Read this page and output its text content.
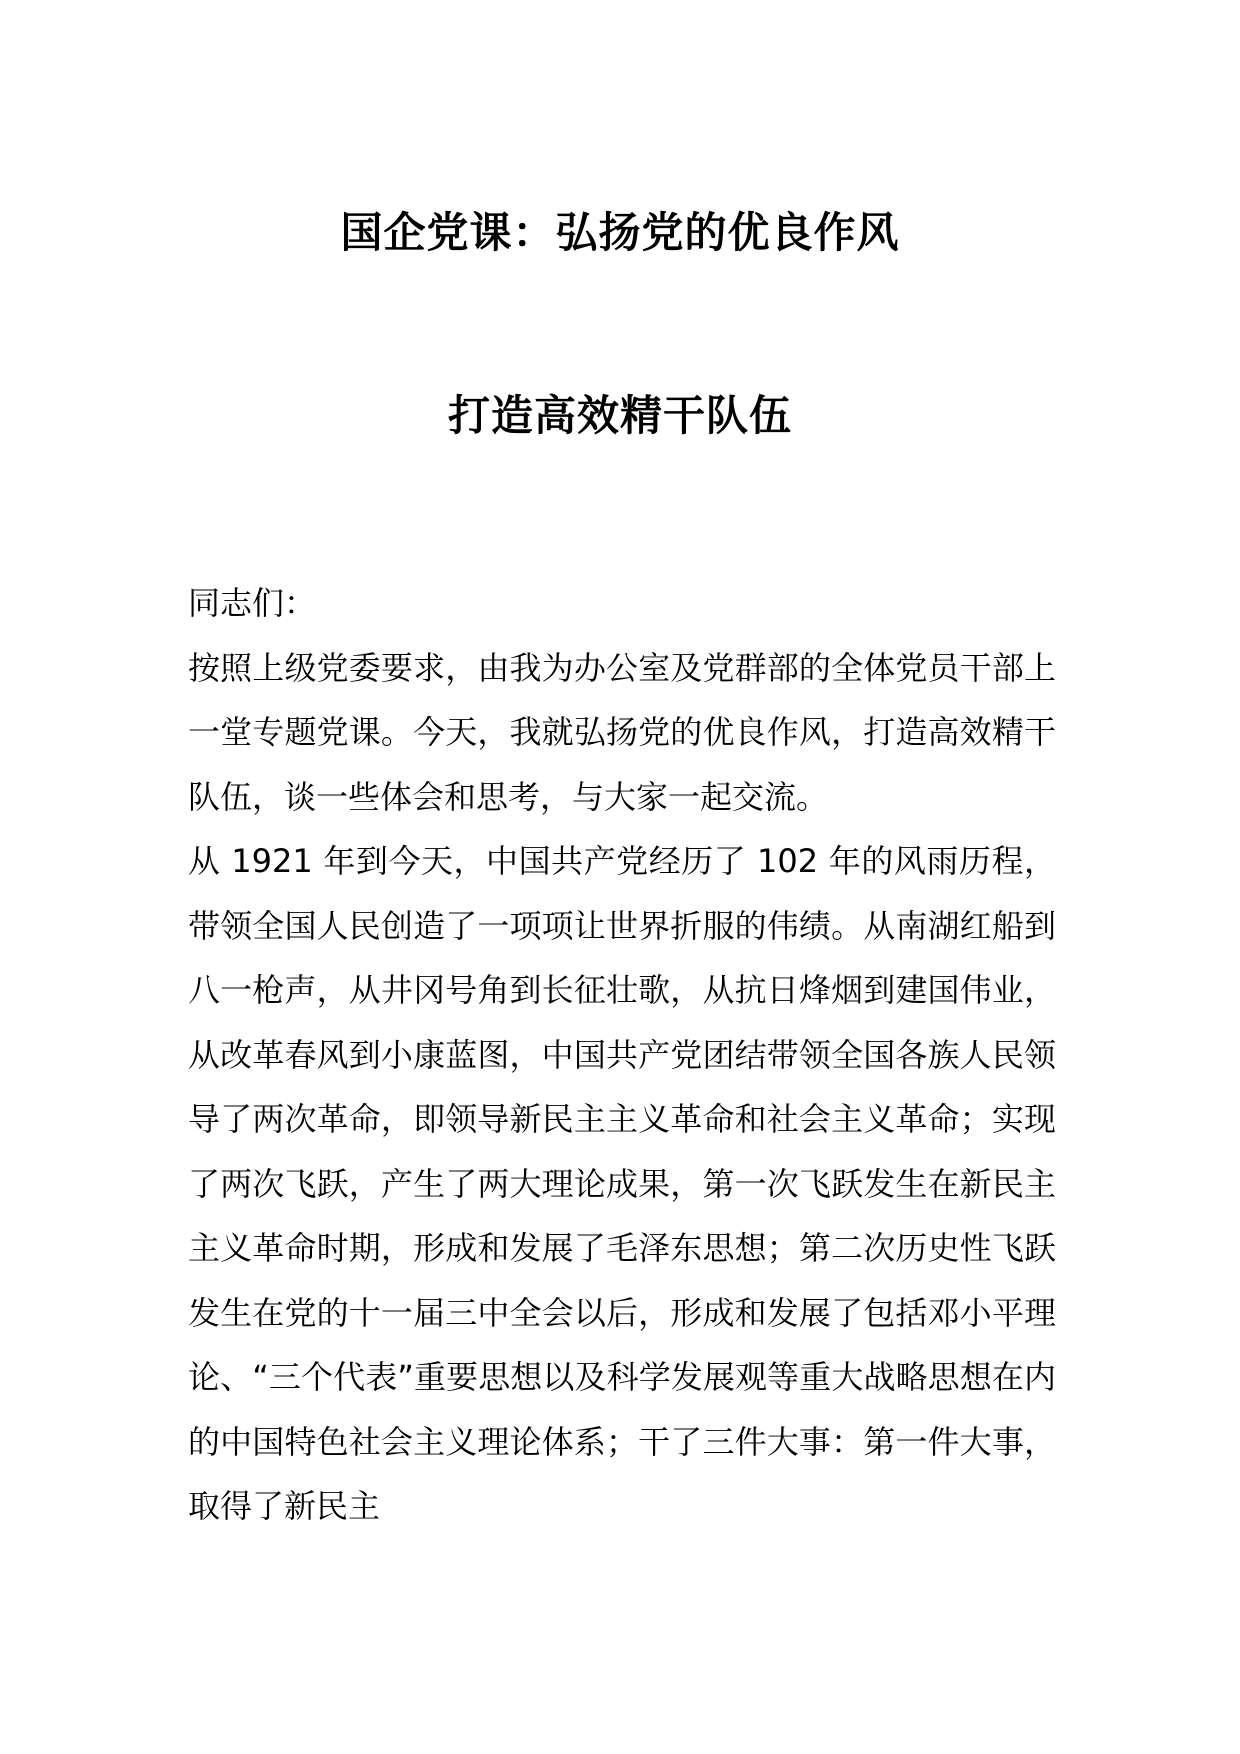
国企党课：弘扬党的优良作风
打造高效精干队伍

同志们：

按照上级党委要求，由我为办公室及党群部的全体党员干部上一堂专题党课。今天，我就弘扬党的优良作风，打造高效精干队伍，谈一些体会和思考，与大家一起交流。

从 1921 年到今天，中国共产党经历了 102 年的风雨历程，带领全国人民创造了一项项让世界折服的伟绩。从南湖红船到八一枪声，从井冈号角到长征壮歌，从抗日烽烟到建国伟业，从改革春风到小康蓝图，中国共产党团结带领全国各族人民领导了两次革命，即领导新民主主义革命和社会主义革命；实现了两次飞跃，产生了两大理论成果，第一次飞跃发生在新民主主义革命时期，形成和发展了毛泽东思想；第二次历史性飞跃发生在党的十一届三中全会以后，形成和发展了包括邓小平理论、“三个代表”重要思想以及科学发展观等重大战略思想在内的中国特色社会主义理论体系；干了三件大事：第一件大事，取得了新民主
